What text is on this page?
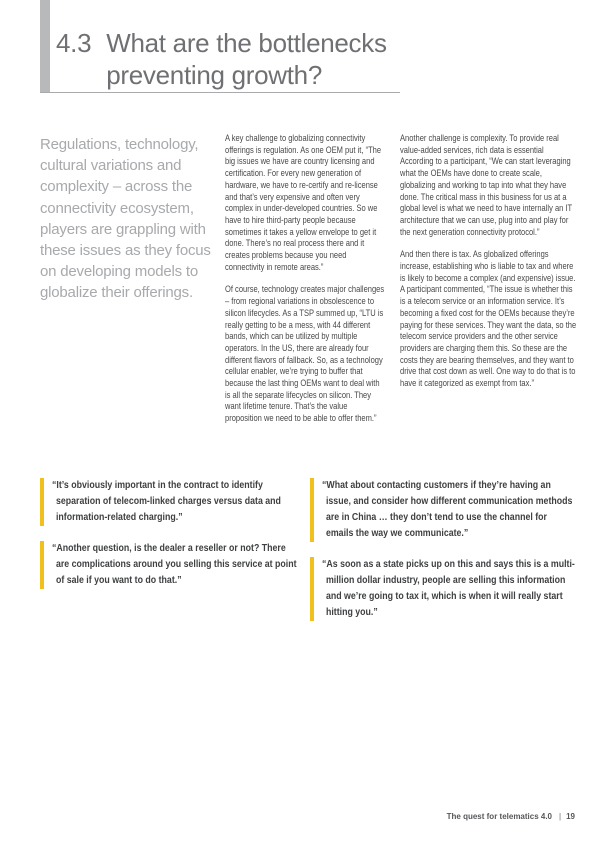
4.3 What are the bottlenecks
preventing growth?
Regulations, technology, cultural variations and complexity – across the connectivity ecosystem, players are grappling with these issues as they focus on developing models to globalize their offerings.

A key challenge to globalizing connectivity offerings is regulation. As one OEM put it, “The big issues we have are country licensing and certification. For every new generation of hardware, we have to re-certify and re-license and that’s very expensive and often very complex in under-developed countries. So we have to hire third-party people because sometimes it takes a yellow envelope to get it done. There’s no real process there and it creates problems because you need connectivity in remote areas.”

Of course, technology creates major challenges – from regional variations in obsolescence to silicon lifecycles. As a TSP summed up, “LTU is really getting to be a mess, with 44 different bands, which can be utilized by multiple operators. In the US, there are already four different flavors of fallback. So, as a technology cellular enabler, we’re trying to buffer that because the last thing OEMs want to deal with is all the separate lifecycles on silicon. They want lifetime tenure. That’s the value proposition we need to be able to offer them.”

Another challenge is complexity. To provide real value-added services, rich data is essential According to a participant, “We can start leveraging what the OEMs have done to create scale, globalizing and working to tap into what they have done. The critical mass in this business for us at a global level is what we need to have internally an IT architecture that we can use, plug into and play for the next generation connectivity protocol.”

And then there is tax. As globalized offerings increase, establishing who is liable to tax and where is likely to become a complex (and expensive) issue. A participant commented, “The issue is whether this is a telecom service or an information service. It’s becoming a fixed cost for the OEMs because they’re paying for these services. They want the data, so the telecom service providers and the other service providers are charging them this. So these are the costs they are bearing themselves, and they want to drive that cost down as well. One way to do that is to have it categorized as exempt from tax.”

“It’s obviously important in the contract to identify separation of telecom-linked charges versus data and information-related charging.”
“Another question, is the dealer a reseller or not? There are complications around you selling this service at point of sale if you want to do that.”
“What about contacting customers if they’re having an issue, and consider how different communication methods are in China … they don’t tend to use the channel for emails the way we communicate.”
“As soon as a state picks up on this and says this is a multi-million dollar industry, people are selling this information and we’re going to tax it, which is when it will really start hitting you.”
The quest for telematics 4.0 | 19
